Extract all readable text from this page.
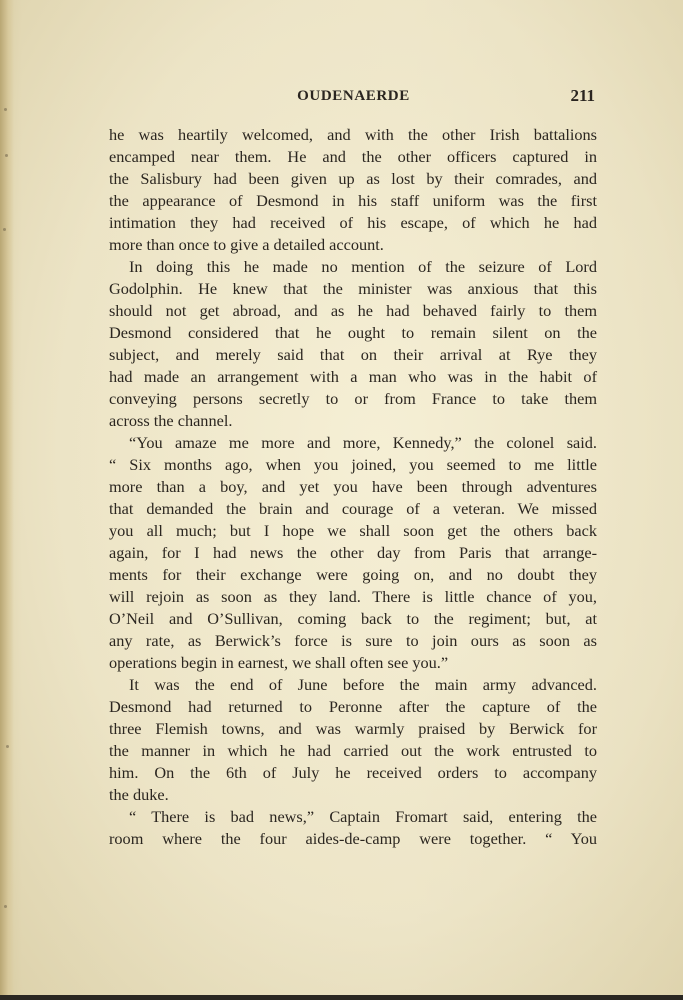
OUDENAERDE	211
he was heartily welcomed, and with the other Irish battalions
encamped near them. He and the other officers captured in
the Salisbury had been given up as lost by their comrades, and
the appearance of Desmond in his staff uniform was the first
intimation they had received of his escape, of which he had
more than once to give a detailed account.
In doing this he made no mention of the seizure of Lord
Godolphin. He knew that the minister was anxious that this
should not get abroad, and as he had behaved fairly to them
Desmond considered that he ought to remain silent on the
subject, and merely said that on their arrival at Rye they
had made an arrangement with a man who was in the habit of
conveying persons secretly to or from France to take them
across the channel.
“You amaze me more and more, Kennedy,” the colonel said.
“ Six months ago, when you joined, you seemed to me little
more than a boy, and yet you have been through adventures
that demanded the brain and courage of a veteran. We missed
you all much; but I hope we shall soon get the others back
again, for I had news the other day from Paris that arrange-
ments for their exchange were going on, and no doubt they
will rejoin as soon as they land. There is little chance of you,
O’Neil and O’Sullivan, coming back to the regiment; but, at
any rate, as Berwick’s force is sure to join ours as soon as
operations begin in earnest, we shall often see you.”
It was the end of June before the main army advanced.
Desmond had returned to Peronne after the capture of the
three Flemish towns, and was warmly praised by Berwick for
the manner in which he had carried out the work entrusted to
him. On the 6th of July he received orders to accompany
the duke.
“ There is bad news,” Captain Fromart said, entering the
room where the four aides-de-camp were together. “ You
